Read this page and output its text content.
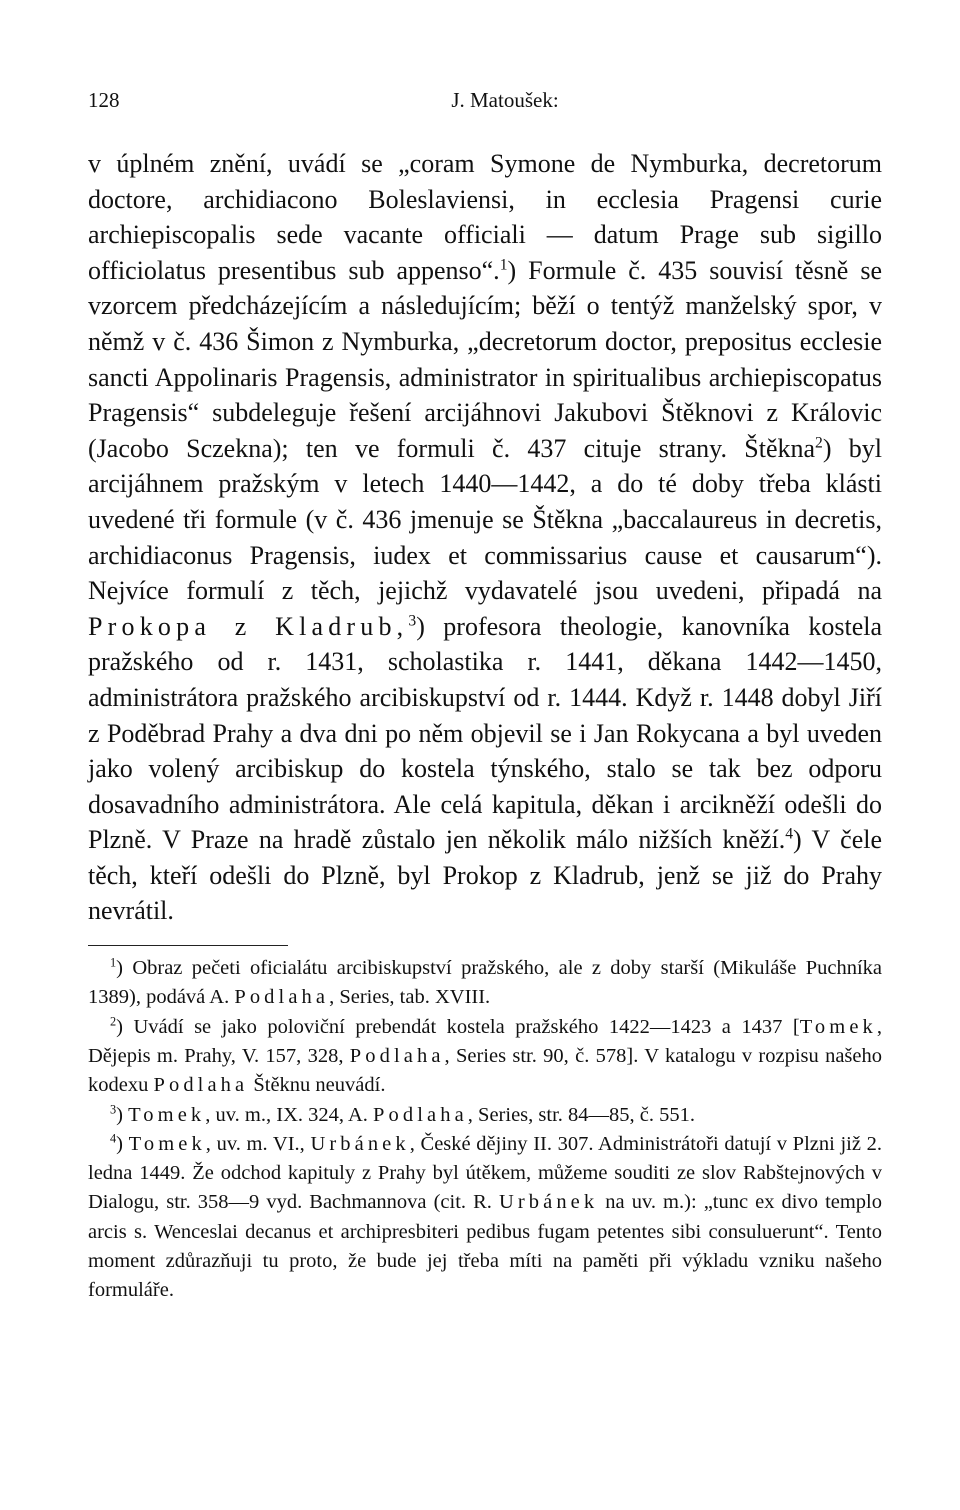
128	J. Matoušek:
v úplném znění, uvádí se „coram Symone de Nymburka, decretorum doctore, archidiacono Boleslaviensi, in ecclesia Pragensi curie archiepiscopalis sede vacante officiali — datum Prage sub sigillo officiolatus presentibus sub appenso“.$^1$) Formule č. 435 souvisí těsně se vzorcem předcházejícím a následujícím; běží o tentýž manželský spor, v němž v č. 436 Šimon z Nymburka, „decretorum doctor, prepositus ecclesie sancti Appolinaris Pragensis, administrator in spiritualibus archiepiscopatus Pragensis“ subdeleguje řešení arcijáhnovi Jakubovi Štěknovi z Královic (Jacobo Sczekna); ten ve formuli č. 437 cituje strany. Štěkna$^2$) byl arcijáhnem pražským v letech 1440—1442, a do té doby třeba klásti uvedené tři formule (v č. 436 jmenuje se Štěkna „baccalaureus in decretis, archidiaconus Pragensis, iudex et commissarius cause et causarum“). Nejvíce formulí z těch, jejichž vydavatelé jsou uvedeni, připadá na Prokopa z Kladrub,$^3$) profesora theologie, kanovníka kostela pražského od r. 1431, scholastika r. 1441, děkana 1442—1450, administrátora pražského arcibiskupství od r. 1444. Když r. 1448 dobyl Jiří z Poděbrad Prahy a dva dni po něm objevil se i Jan Rokycana a byl uveden jako volený arcibiskup do kostela týnského, stalo se tak bez odporu dosavadního administrátora. Ale celá kapitula, děkan i arcikněží odešli do Plzně. V Praze na hradě zůstalo jen několik málo nižších kněží.$^4$) V čele těch, kteří odešli do Plzně, byl Prokop z Kladrub, jenž se již do Prahy nevrátil.

$^1$) Obraz pečeti oficialátu arcibiskupství pražského, ale z doby starší (Mikuláše Puchníka 1389), podává A. Podlaha, Series, tab. XVIII.

$^2$) Uvádí se jako poloviční prebendát kostela pražského 1422—1423 a 1437 [Tomek, Dějepis m. Prahy, V. 157, 328, Podlaha, Series str. 90, č. 578]. V katalogu v rozpisu našeho kodexu Podlaha Štěknu neuvádí.

$^3$) Tomek, uv. m., IX. 324, A. Podlaha, Series, str. 84—85, č. 551.

$^4$) Tomek, uv. m. VI., Urbánek, České dějiny II. 307. Administrátoři datují v Plzni již 2. ledna 1449. Že odchod kapituly z Prahy byl útěkem, můžeme souditi ze slov Rabštejnových v Dialogu, str. 358—9 vyd. Bachmannova (cit. R. Urbánek na uv. m.): „tunc ex divo templo arcis s. Wenceslai decanus et archipresbiteri pedibus fugam petentes sibi consuluerunt“. Tento moment zdůrazňuji tu proto, že bude jej třeba míti na paměti při výkladu vzniku našeho formuláře.
